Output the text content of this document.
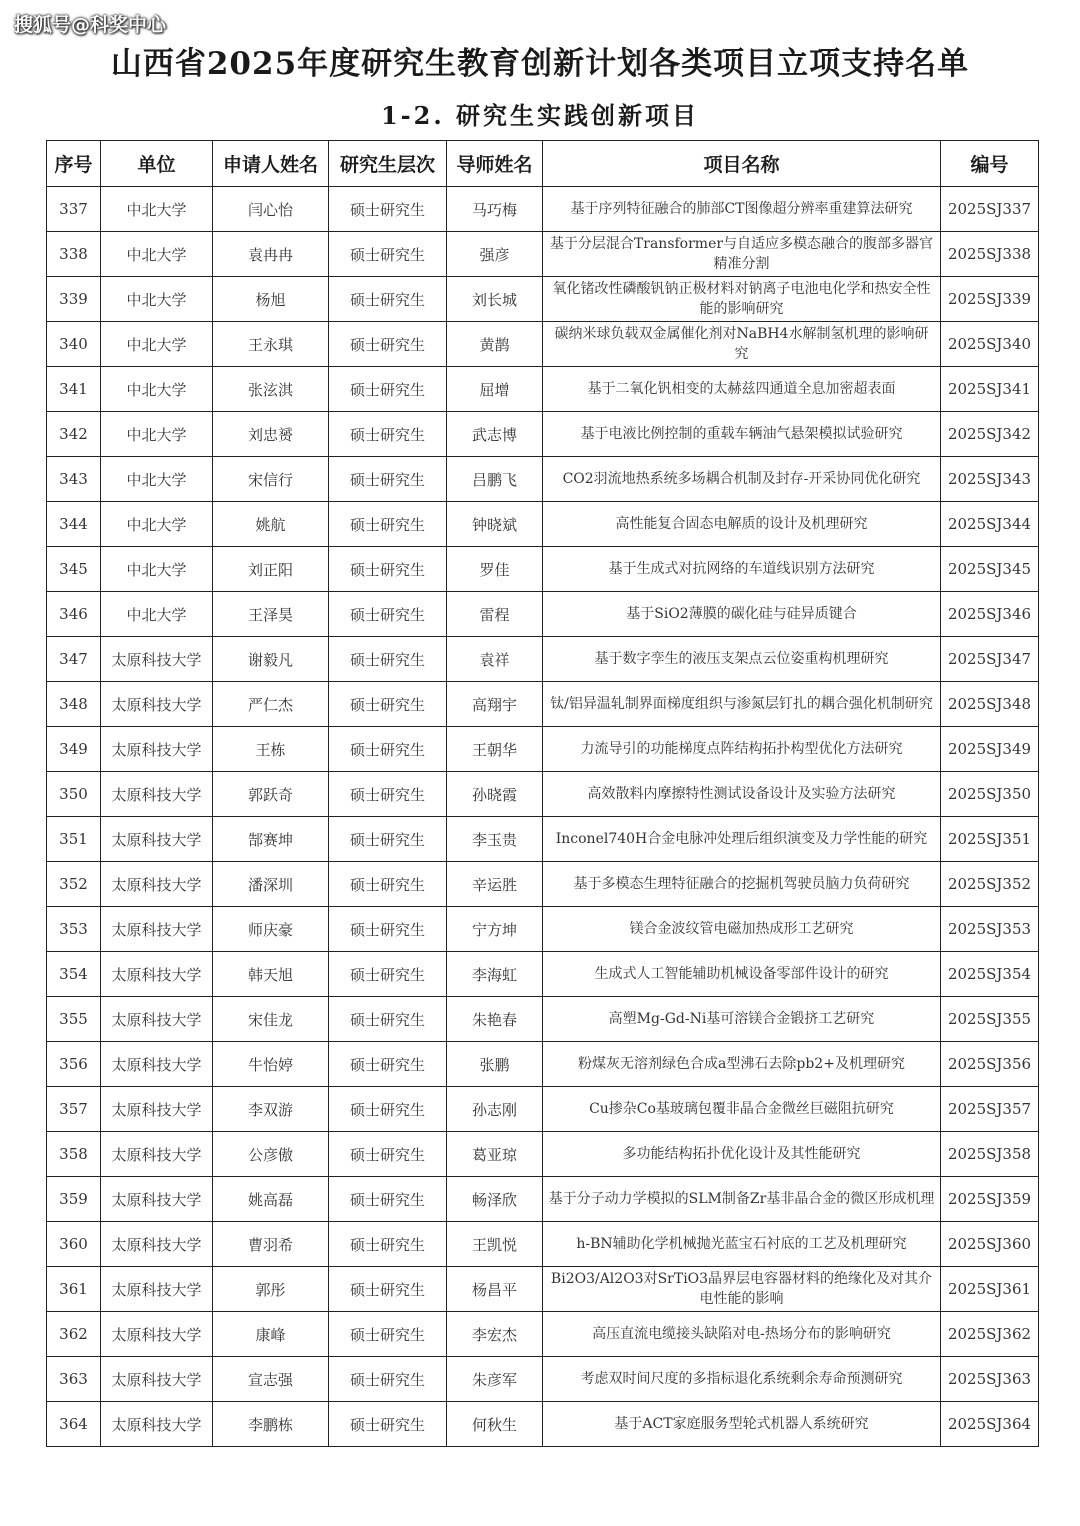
搜狐号@科奖中心
山西省2025年度研究生教育创新计划各类项目立项支持名单
1-2. 研究生实践创新项目
序号	单位	申请人姓名	研究生层次	导师姓名	项目名称	编号
337	中北大学	闫心怡	硕士研究生	马巧梅	基于序列特征融合的肺部CT图像超分辨率重建算法研究	2025SJ337
338	中北大学	袁冉冉	硕士研究生	强彦	基于分层混合Transformer与自适应多模态融合的腹部多器官精准分割	2025SJ338
339	中北大学	杨旭	硕士研究生	刘长城	氧化锗改性磷酸钒钠正极材料对钠离子电池电化学和热安全性能的影响研究	2025SJ339
340	中北大学	王永琪	硕士研究生	黄鹊	碳纳米球负载双金属催化剂对NaBH4水解制氢机理的影响研究	2025SJ340
341	中北大学	张泫淇	硕士研究生	屈增	基于二氧化钒相变的太赫兹四通道全息加密超表面	2025SJ341
342	中北大学	刘忠赟	硕士研究生	武志博	基于电液比例控制的重载车辆油气悬架模拟试验研究	2025SJ342
343	中北大学	宋信行	硕士研究生	吕鹏飞	CO2羽流地热系统多场耦合机制及封存-开采协同优化研究	2025SJ343
344	中北大学	姚航	硕士研究生	钟晓斌	高性能复合固态电解质的设计及机理研究	2025SJ344
345	中北大学	刘正阳	硕士研究生	罗佳	基于生成式对抗网络的车道线识别方法研究	2025SJ345
346	中北大学	王泽昊	硕士研究生	雷程	基于SiO2薄膜的碳化硅与硅异质键合	2025SJ346
347	太原科技大学	谢毅凡	硕士研究生	袁祥	基于数字孪生的液压支架点云位姿重构机理研究	2025SJ347
348	太原科技大学	严仁杰	硕士研究生	高翔宇	钛/铝异温轧制界面梯度组织与渗氮层钉扎的耦合强化机制研究	2025SJ348
349	太原科技大学	王栋	硕士研究生	王朝华	力流导引的功能梯度点阵结构拓扑构型优化方法研究	2025SJ349
350	太原科技大学	郭跃奇	硕士研究生	孙晓霞	高效散料内摩擦特性测试设备设计及实验方法研究	2025SJ350
351	太原科技大学	郜赛坤	硕士研究生	李玉贵	Inconel740H合金电脉冲处理后组织演变及力学性能的研究	2025SJ351
352	太原科技大学	潘深圳	硕士研究生	辛运胜	基于多模态生理特征融合的挖掘机驾驶员脑力负荷研究	2025SJ352
353	太原科技大学	师庆豪	硕士研究生	宁方坤	镁合金波纹管电磁加热成形工艺研究	2025SJ353
354	太原科技大学	韩天旭	硕士研究生	李海虹	生成式人工智能辅助机械设备零部件设计的研究	2025SJ354
355	太原科技大学	宋佳龙	硕士研究生	朱艳春	高塑Mg-Gd-Ni基可溶镁合金锻挤工艺研究	2025SJ355
356	太原科技大学	牛怡婷	硕士研究生	张鹏	粉煤灰无溶剂绿色合成a型沸石去除pb2+及机理研究	2025SJ356
357	太原科技大学	李双游	硕士研究生	孙志刚	Cu掺杂Co基玻璃包覆非晶合金微丝巨磁阻抗研究	2025SJ357
358	太原科技大学	公彦傲	硕士研究生	葛亚琼	多功能结构拓扑优化设计及其性能研究	2025SJ358
359	太原科技大学	姚高磊	硕士研究生	畅泽欣	基于分子动力学模拟的SLM制备Zr基非晶合金的微区形成机理	2025SJ359
360	太原科技大学	曹羽希	硕士研究生	王凯悦	h-BN辅助化学机械抛光蓝宝石衬底的工艺及机理研究	2025SJ360
361	太原科技大学	郭彤	硕士研究生	杨昌平	Bi2O3/Al2O3对SrTiO3晶界层电容器材料的绝缘化及对其介电性能的影响	2025SJ361
362	太原科技大学	康峰	硕士研究生	李宏杰	高压直流电缆接头缺陷对电-热场分布的影响研究	2025SJ362
363	太原科技大学	宣志强	硕士研究生	朱彦军	考虑双时间尺度的多指标退化系统剩余寿命预测研究	2025SJ363
364	太原科技大学	李鹏栋	硕士研究生	何秋生	基于ACT家庭服务型轮式机器人系统研究	2025SJ364
